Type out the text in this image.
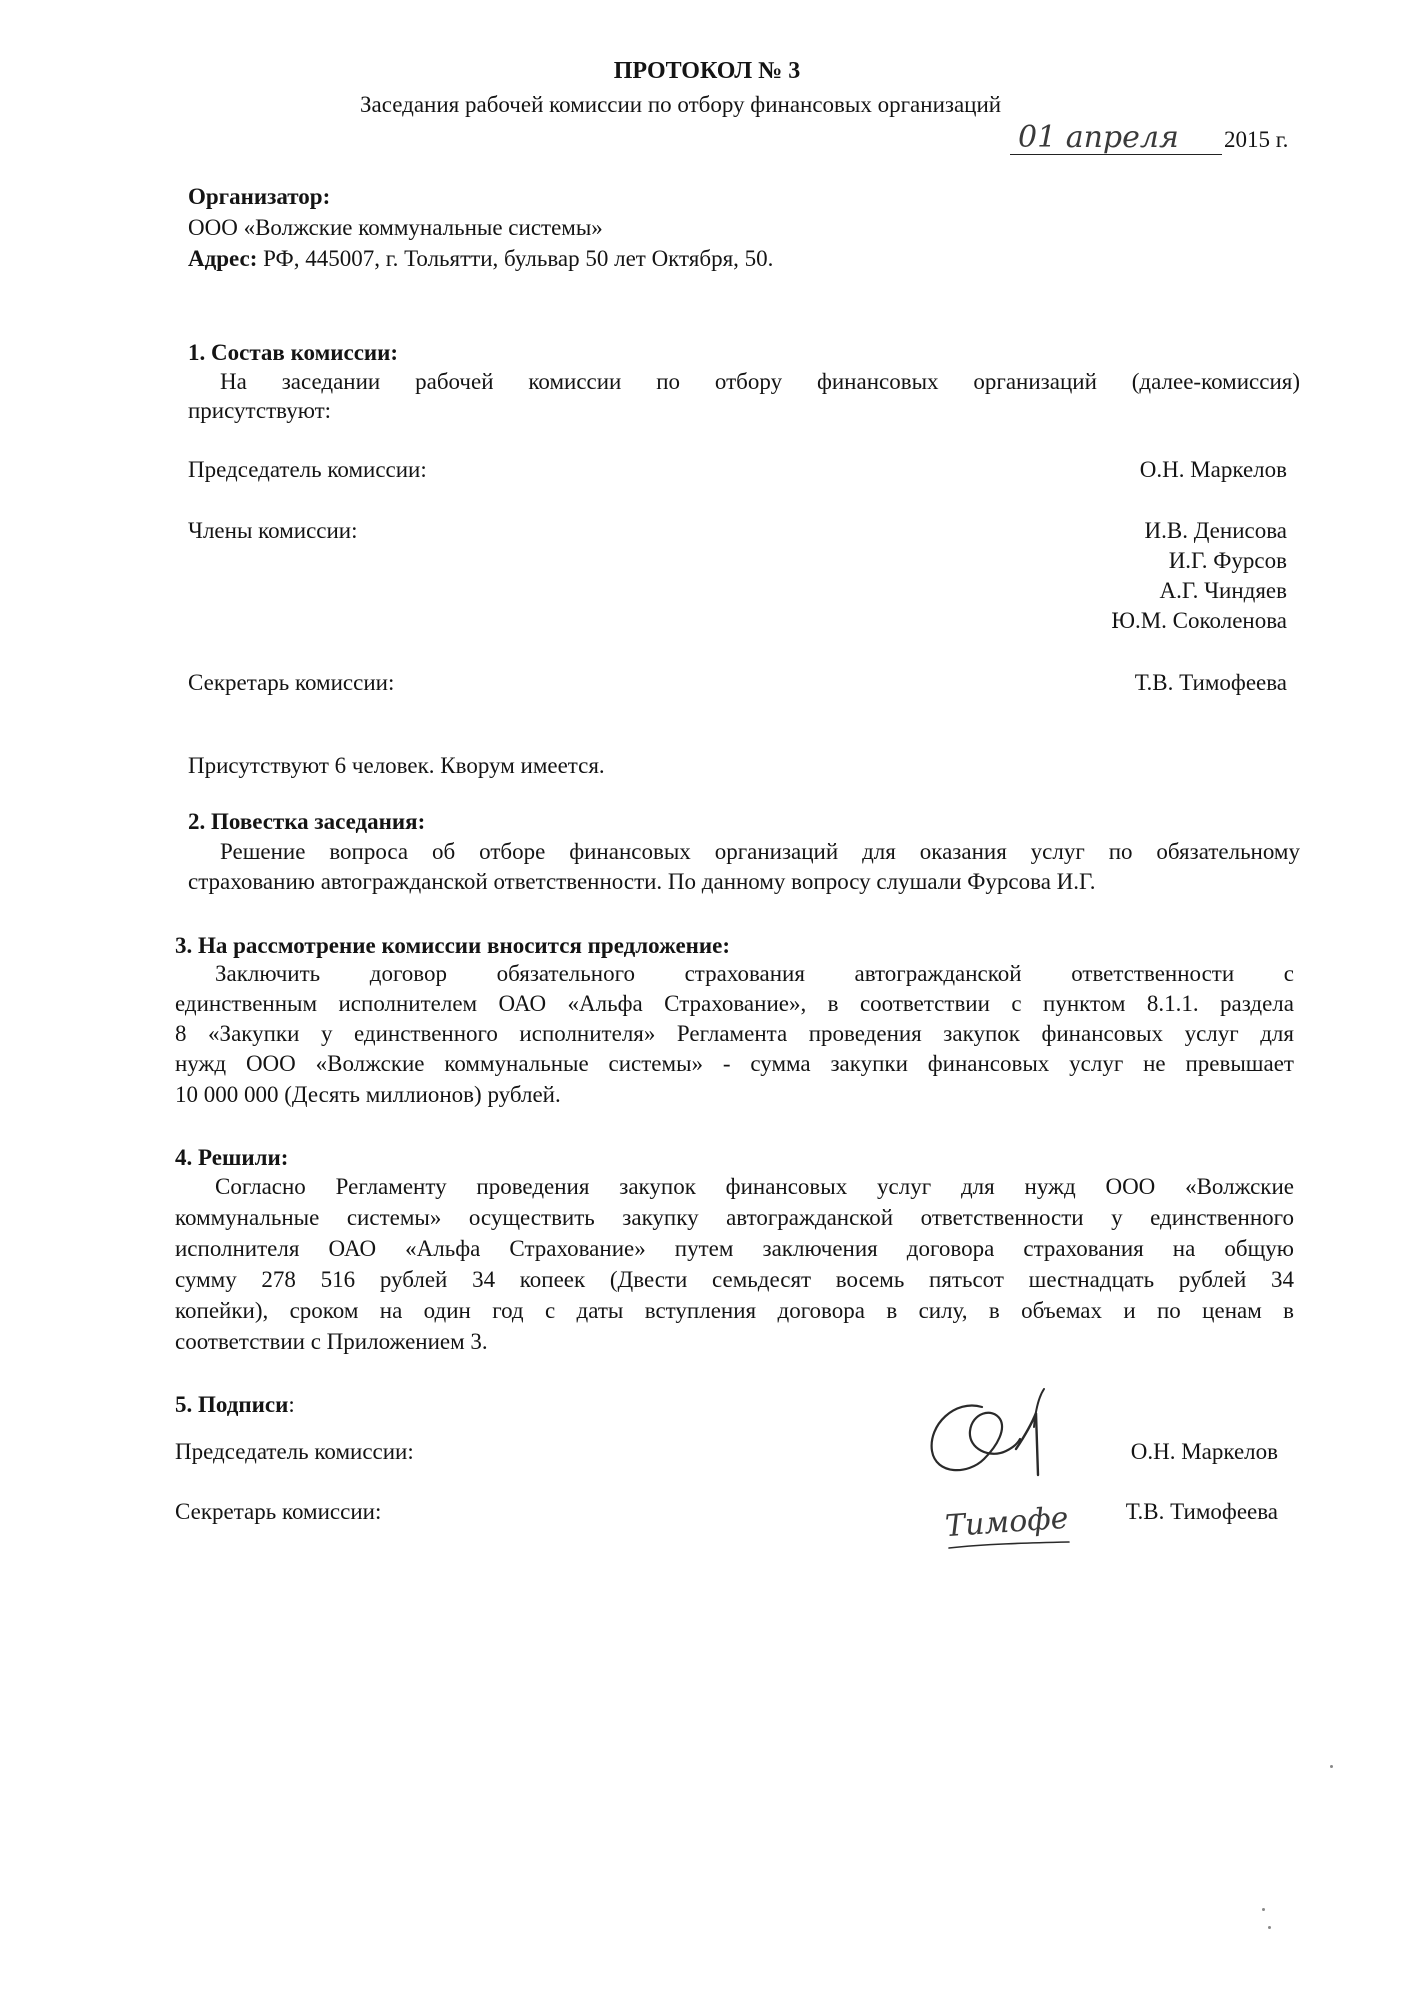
ПРОТОКОЛ № 3
Заседания рабочей комиссии по отбору финансовых организаций
01 апреля 2015 г.
Организатор:
ООО «Волжские коммунальные системы»
Адрес: РФ, 445007, г. Тольятти, бульвар 50 лет Октября, 50.
1. Состав комиссии:
На заседании рабочей комиссии по отбору финансовых организаций (далее-комиссия)
присутствуют:
Председатель комиссии:	О.Н. Маркелов
Члены комиссии:	И.В. Денисова
И.Г. Фурсов
А.Г. Чиндяев
Ю.М. Соколенова
Секретарь комиссии:	Т.В. Тимофеева
Присутствуют 6 человек. Кворум имеется.
2. Повестка заседания:
Решение вопроса об отборе финансовых организаций для оказания услуг по обязательному
страхованию автогражданской ответственности. По данному вопросу слушали Фурсова И.Г.
3. На рассмотрение комиссии вносится предложение:
Заключить договор обязательного страхования автогражданской ответственности с
единственным исполнителем ОАО «Альфа Страхование», в соответствии с пунктом 8.1.1. раздела
8 «Закупки у единственного исполнителя» Регламента проведения закупок финансовых услуг для
нужд ООО «Волжские коммунальные системы» - сумма закупки финансовых услуг не превышает
10 000 000 (Десять миллионов) рублей.
4. Решили:
Согласно Регламенту проведения закупок финансовых услуг для нужд ООО «Волжские
коммунальные системы» осуществить закупку автогражданской ответственности у единственного
исполнителя ОАО «Альфа Страхование» путем заключения договора страхования на общую
сумму 278 516 рублей 34 копеек (Двести семьдесят восемь пятьсот шестнадцать рублей 34
копейки), сроком на один год с даты вступления договора в силу, в объемах и по ценам в
соответствии с Приложением 3.
5. Подписи:
Председатель комиссии:	О.Н. Маркелов
Секретарь комиссии:	Т.В. Тимофеева
Тимофе
